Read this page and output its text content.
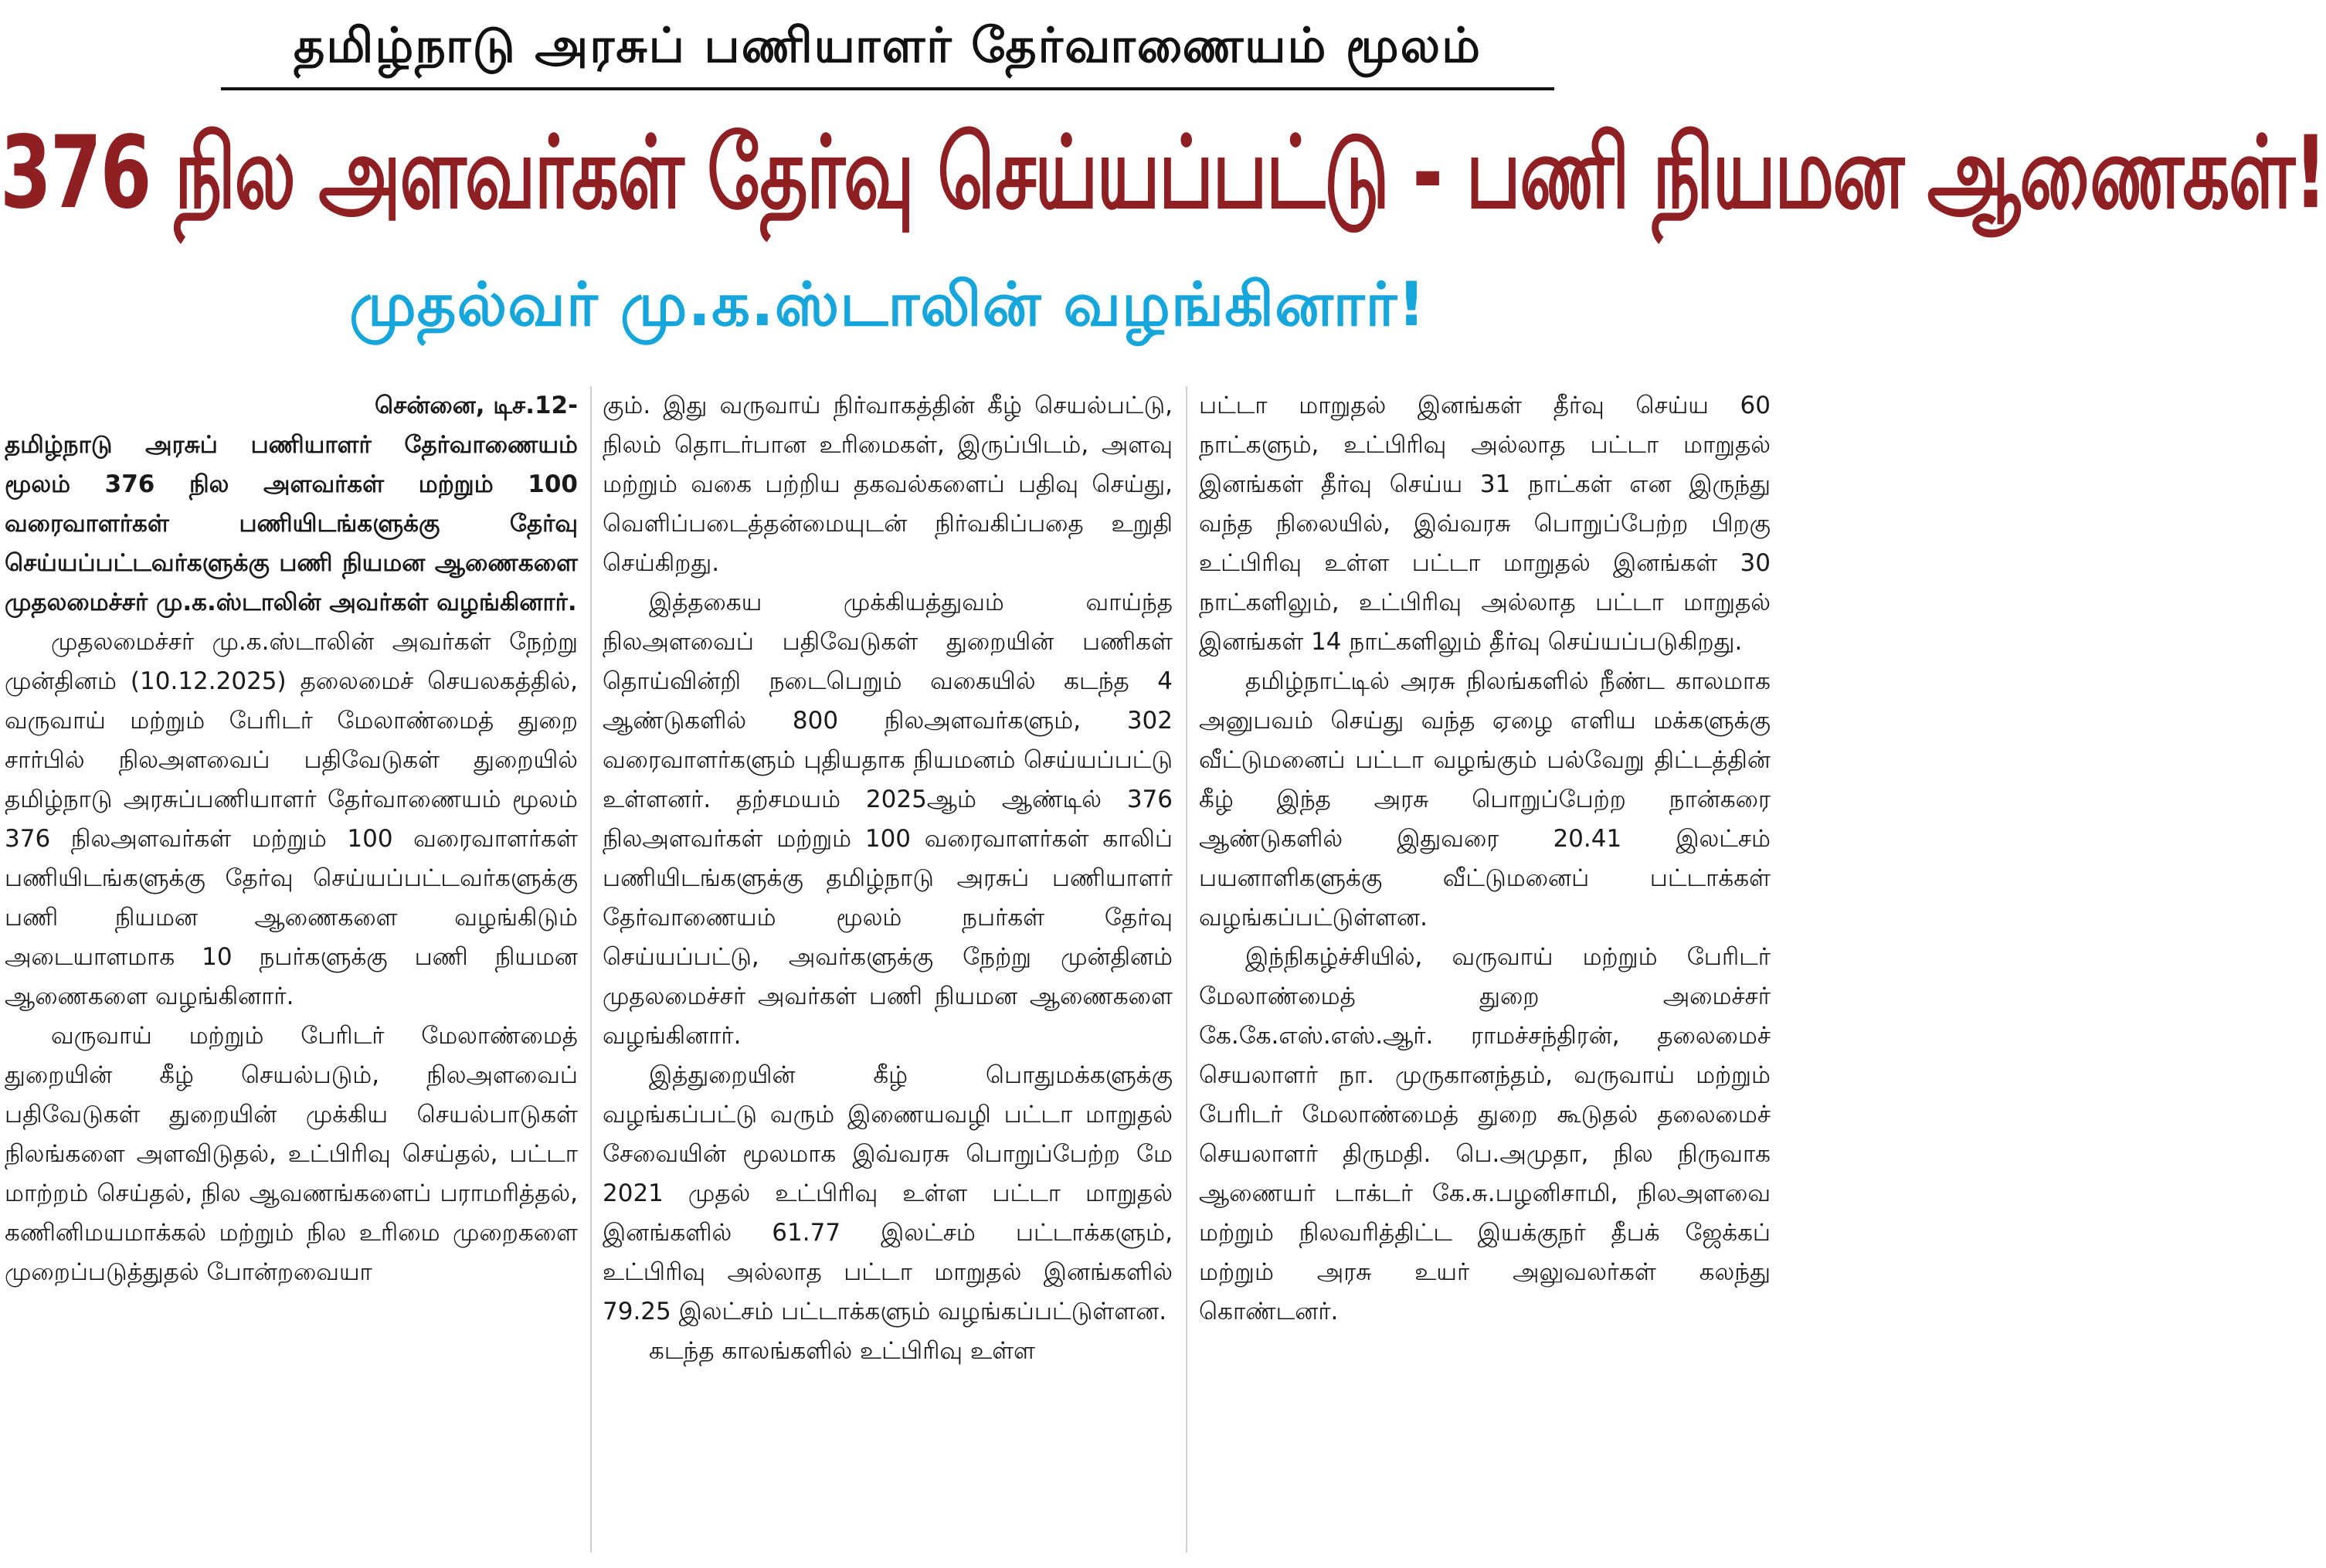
தமிழ்நாடு அரசுப் பணியாளர் தேர்வாணையம் மூலம்
376 நில அளவர்கள் தேர்வு செய்யப்பட்டு - பணி நியமன ஆணைகள்!
முதல்வர் மு.க.ஸ்டாலின் வழங்கினார்!

சென்னை, டிச.12-
தமிழ்நாடு அரசுப் பணியாளர் தேர்வாணையம் மூலம் 376 நில அளவர்கள் மற்றும் 100 வரைவாளர்கள் பணியிடங்களுக்கு தேர்வு செய்யப்பட்டவர்களுக்கு பணி நியமன ஆணைகளை முதலமைச்சர் மு.க.ஸ்டாலின் அவர்கள் வழங்கினார்.

முதலமைச்சர் மு.க.ஸ்டாலின் அவர்கள் நேற்று முன்தினம் (10.12.2025) தலைமைச் செயலகத்தில், வருவாய் மற்றும் பேரிடர் மேலாண்மைத் துறை சார்பில் நிலஅளவைப் பதிவேடுகள் துறையில் தமிழ்நாடு அரசுப்பணியாளர் தேர்வாணையம் மூலம் 376 நிலஅளவர்கள் மற்றும் 100 வரைவாளர்கள் பணியிடங்களுக்கு தேர்வு செய்யப்பட்டவர்களுக்கு பணி நியமன ஆணைகளை வழங்கிடும் அடையாளமாக 10 நபர்களுக்கு பணி நியமன ஆணைகளை வழங்கினார்.

வருவாய் மற்றும் பேரிடர் மேலாண்மைத் துறையின் கீழ் செயல்படும், நிலஅளவைப் பதிவேடுகள் துறையின் முக்கிய செயல்பாடுகள் நிலங்களை அளவிடுதல், உட்பிரிவு செய்தல், பட்டா மாற்றம் செய்தல், நில ஆவணங்களைப் பராமரித்தல், கணினிமயமாக்கல் மற்றும் நில உரிமை முறைகளை முறைப்படுத்துதல் போன்றவையா

கும். இது வருவாய் நிர்வாகத்தின் கீழ் செயல்பட்டு, நிலம் தொடர்பான உரிமைகள், இருப்பிடம், அளவு மற்றும் வகை பற்றிய தகவல்களைப் பதிவு செய்து, வெளிப்படைத்தன்மையுடன் நிர்வகிப்பதை உறுதி செய்கிறது.

இத்தகைய முக்கியத்துவம் வாய்ந்த நிலஅளவைப் பதிவேடுகள் துறையின் பணிகள் தொய்வின்றி நடைபெறும் வகையில் கடந்த 4 ஆண்டுகளில் 800 நிலஅளவர்களும், 302 வரைவாளர்களும் புதியதாக நியமனம் செய்யப்பட்டு உள்ளனர். தற்சமயம் 2025ஆம் ஆண்டில் 376 நிலஅளவர்கள் மற்றும் 100 வரைவாளர்கள் காலிப் பணியிடங்களுக்கு தமிழ்நாடு அரசுப் பணியாளர் தேர்வாணையம் மூலம் நபர்கள் தேர்வு செய்யப்பட்டு, அவர்களுக்கு நேற்று முன்தினம் முதலமைச்சர் அவர்கள் பணி நியமன ஆணைகளை வழங்கினார்.

இத்துறையின் கீழ் பொதுமக்களுக்கு வழங்கப்பட்டு வரும் இணையவழி பட்டா மாறுதல் சேவையின் மூலமாக இவ்வரசு பொறுப்பேற்ற மே 2021 முதல் உட்பிரிவு உள்ள பட்டா மாறுதல் இனங்களில் 61.77 இலட்சம் பட்டாக்களும், உட்பிரிவு அல்லாத பட்டா மாறுதல் இனங்களில் 79.25 இலட்சம் பட்டாக்களும் வழங்கப்பட்டுள்ளன.

கடந்த காலங்களில் உட்பிரிவு உள்ள

பட்டா மாறுதல் இனங்கள் தீர்வு செய்ய 60 நாட்களும், உட்பிரிவு அல்லாத பட்டா மாறுதல் இனங்கள் தீர்வு செய்ய 31 நாட்கள் என இருந்து வந்த நிலையில், இவ்வரசு பொறுப்பேற்ற பிறகு உட்பிரிவு உள்ள பட்டா மாறுதல் இனங்கள் 30 நாட்களிலும், உட்பிரிவு அல்லாத பட்டா மாறுதல் இனங்கள் 14 நாட்களிலும் தீர்வு செய்யப்படுகிறது.

தமிழ்நாட்டில் அரசு நிலங்களில் நீண்ட காலமாக அனுபவம் செய்து வந்த ஏழை எளிய மக்களுக்கு வீட்டுமனைப் பட்டா வழங்கும் பல்வேறு திட்டத்தின் கீழ் இந்த அரசு பொறுப்பேற்ற நான்கரை ஆண்டுகளில் இதுவரை 20.41 இலட்சம் பயனாளிகளுக்கு வீட்டுமனைப் பட்டாக்கள் வழங்கப்பட்டுள்ளன.

இந்நிகழ்ச்சியில், வருவாய் மற்றும் பேரிடர் மேலாண்மைத் துறை அமைச்சர் கே.கே.எஸ்.எஸ்.ஆர். ராமச்சந்திரன், தலைமைச் செயலாளர் நா. முருகானந்தம், வருவாய் மற்றும் பேரிடர் மேலாண்மைத் துறை கூடுதல் தலைமைச் செயலாளர் திருமதி. பெ.அமுதா, நில நிருவாக ஆணையர் டாக்டர் கே.சு.பழனிசாமி, நிலஅளவை மற்றும் நிலவரித்திட்ட இயக்குநர் தீபக் ஜேக்கப் மற்றும் அரசு உயர் அலுவலர்கள் கலந்து கொண்டனர்.
